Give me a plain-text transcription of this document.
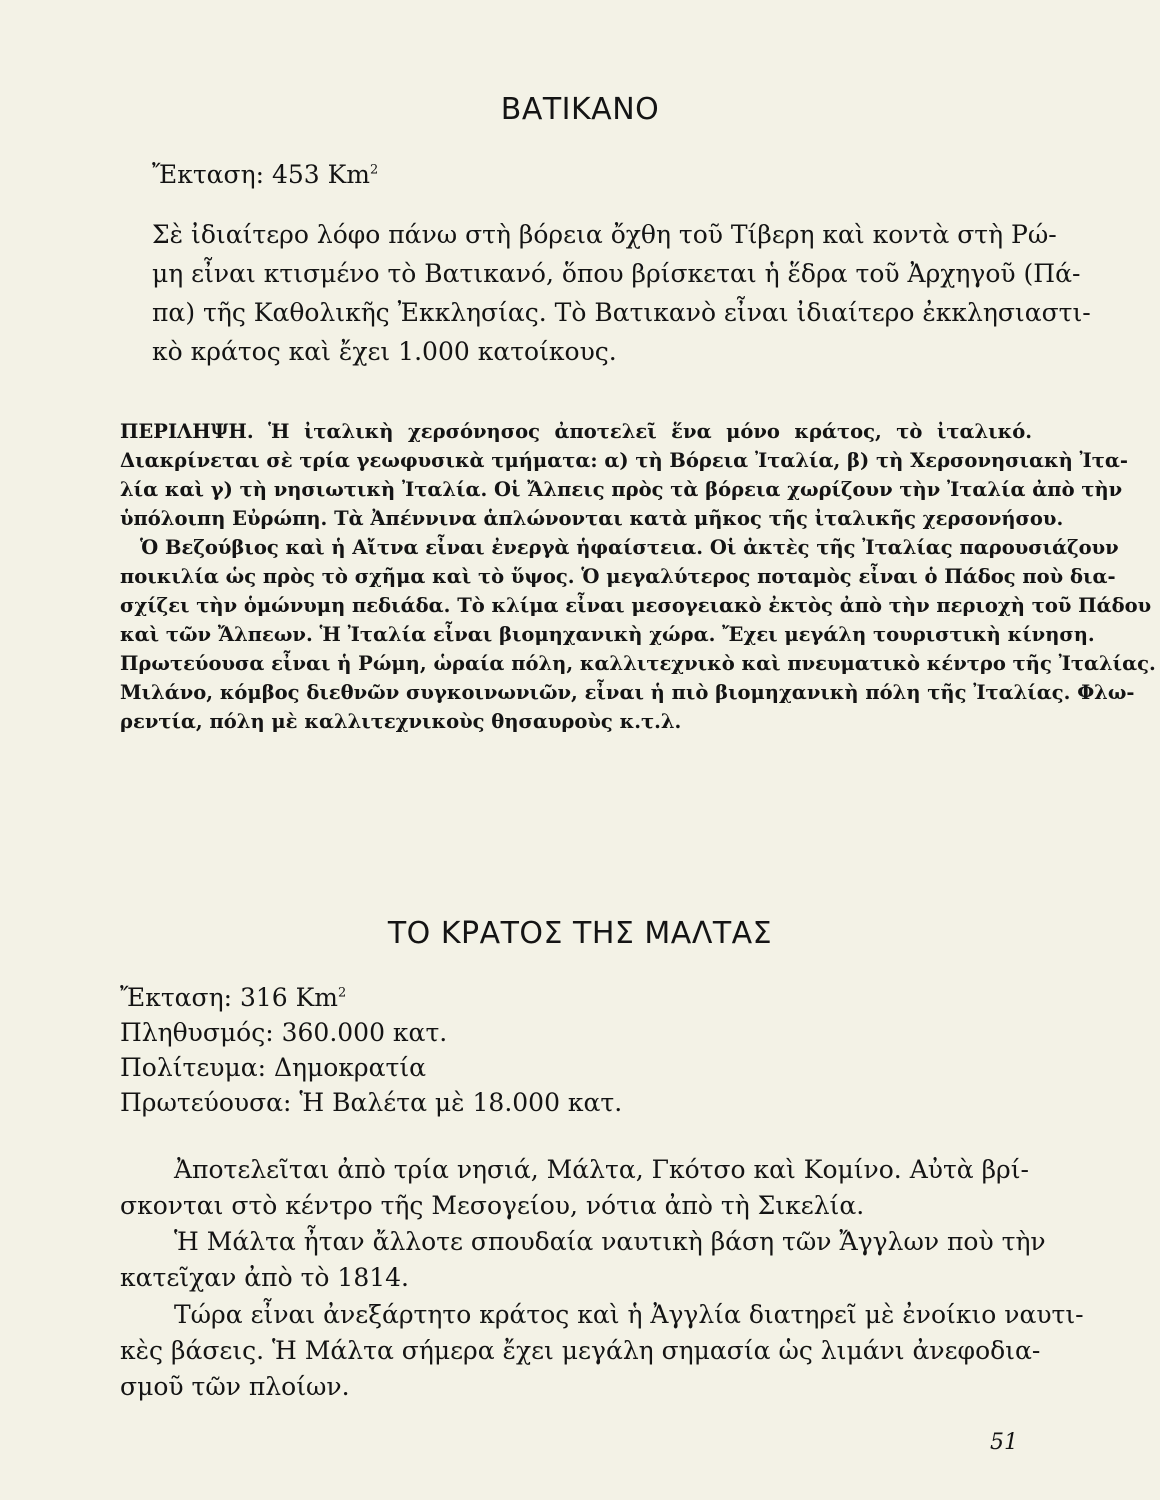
ΒΑΤΙΚΑΝΟ

Ἔκταση: 453 Km$^2$

Σὲ ἰδιαίτερο λόφο πάνω στὴ βόρεια ὄχθη τοῦ Τίβερη καὶ κοντὰ στὴ Ρώ-

μη εἶναι κτισμένο τὸ Βατικανό, ὅπου βρίσκεται ἡ ἕδρα τοῦ Ἀρχηγοῦ (Πά-

πα) τῆς Καθολικῆς Ἐκκλησίας. Τὸ Βατικανὸ εἶναι ἰδιαίτερο ἐκκλησιαστι-

κὸ κράτος καὶ ἔχει 1.000 κατοίκους.

ΠΕΡΙΛΗΨΗ. Ἡ ἰταλικὴ χερσόνησος ἀποτελεῖ ἕνα μόνο κράτος, τὸ ἰταλικό.

Διακρίνεται σὲ τρία γεωφυσικὰ τμήματα: α) τὴ Βόρεια Ἰταλία, β) τὴ Χερσονησιακὴ Ἰτα-

λία καὶ γ) τὴ νησιωτικὴ Ἰταλία. Οἱ Ἄλπεις πρὸς τὰ βόρεια χωρίζουν τὴν Ἰταλία ἀπὸ τὴν

ὑπόλοιπη Εὐρώπη. Τὰ Ἀπέννινα ἁπλώνονται κατὰ μῆκος τῆς ἰταλικῆς χερσονήσου.

Ὁ Βεζούβιος καὶ ἡ Αἴτνα εἶναι ἐνεργὰ ἡφαίστεια. Οἱ ἀκτὲς τῆς Ἰταλίας παρουσιάζουν

ποικιλία ὡς πρὸς τὸ σχῆμα καὶ τὸ ὕψος. Ὁ μεγαλύτερος ποταμὸς εἶναι ὁ Πάδος ποὺ δια-

σχίζει τὴν ὁμώνυμη πεδιάδα. Τὸ κλίμα εἶναι μεσογειακὸ ἐκτὸς ἀπὸ τὴν περιοχὴ τοῦ Πάδου

καὶ τῶν Ἄλπεων. Ἡ Ἰταλία εἶναι βιομηχανικὴ χώρα. Ἔχει μεγάλη τουριστικὴ κίνηση.

Πρωτεύουσα εἶναι ἡ Ρώμη, ὡραία πόλη, καλλιτεχνικὸ καὶ πνευματικὸ κέντρο τῆς Ἰταλίας.

Μιλάνο, κόμβος διεθνῶν συγκοινωνιῶν, εἶναι ἡ πιὸ βιομηχανικὴ πόλη τῆς Ἰταλίας. Φλω-

ρεντία, πόλη μὲ καλλιτεχνικοὺς θησαυροὺς κ.τ.λ.

ΤΟ ΚΡΑΤΟΣ ΤΗΣ ΜΑΛΤΑΣ

Ἔκταση: 316 Km$^2$

Πληθυσμός: 360.000 κατ.

Πολίτευμα: Δημοκρατία

Πρωτεύουσα: Ἡ Βαλέτα μὲ 18.000 κατ.

Ἀποτελεῖται ἀπὸ τρία νησιά, Μάλτα, Γκότσο καὶ Κομίνο. Αὐτὰ βρί-

σκονται στὸ κέντρο τῆς Μεσογείου, νότια ἀπὸ τὴ Σικελία.

Ἡ Μάλτα ἦταν ἄλλοτε σπουδαία ναυτικὴ βάση τῶν Ἄγγλων ποὺ τὴν

κατεῖχαν ἀπὸ τὸ 1814.

Τώρα εἶναι ἀνεξάρτητο κράτος καὶ ἡ Ἀγγλία διατηρεῖ μὲ ἐνοίκιο ναυτι-

κὲς βάσεις. Ἡ Μάλτα σήμερα ἔχει μεγάλη σημασία ὡς λιμάνι ἀνεφοδια-

σμοῦ τῶν πλοίων.

51
